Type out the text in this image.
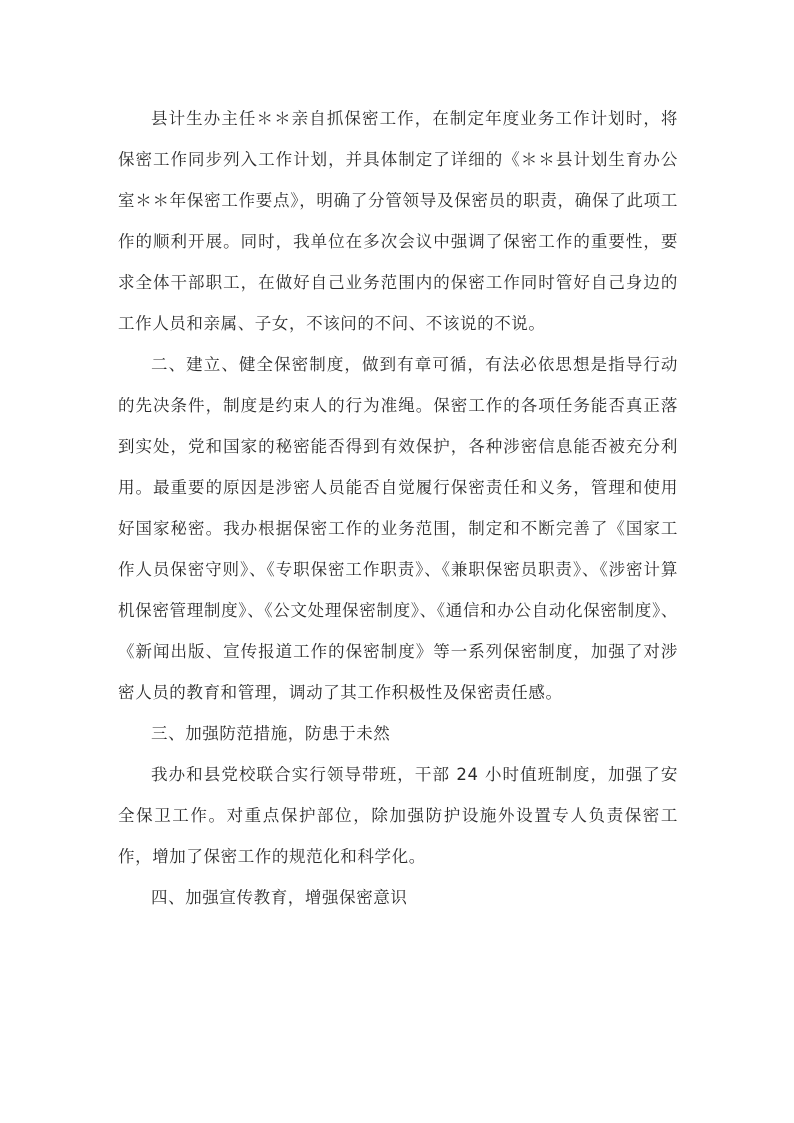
县计生办主任＊＊亲自抓保密工作，在制定年度业务工作计划时，将保密工作同步列入工作计划，并具体制定了详细的《＊＊县计划生育办公室＊＊年保密工作要点》，明确了分管领导及保密员的职责，确保了此项工作的顺利开展。同时，我单位在多次会议中强调了保密工作的重要性，要求全体干部职工，在做好自己业务范围内的保密工作同时管好自己身边的工作人员和亲属、子女，不该问的不问、不该说的不说。

二、建立、健全保密制度，做到有章可循，有法必依思想是指导行动的先决条件，制度是约束人的行为准绳。保密工作的各项任务能否真正落到实处，党和国家的秘密能否得到有效保护，各种涉密信息能否被充分利用。最重要的原因是涉密人员能否自觉履行保密责任和义务，管理和使用好国家秘密。我办根据保密工作的业务范围，制定和不断完善了《国家工作人员保密守则》、《专职保密工作职责》、《兼职保密员职责》、《涉密计算机保密管理制度》、《公文处理保密制度》、《通信和办公自动化保密制度》、《新闻出版、宣传报道工作的保密制度》等一系列保密制度，加强了对涉密人员的教育和管理，调动了其工作积极性及保密责任感。

三、加强防范措施，防患于未然

我办和县党校联合实行领导带班，干部 24 小时值班制度，加强了安全保卫工作。对重点保护部位，除加强防护设施外设置专人负责保密工作，增加了保密工作的规范化和科学化。

四、加强宣传教育，增强保密意识
